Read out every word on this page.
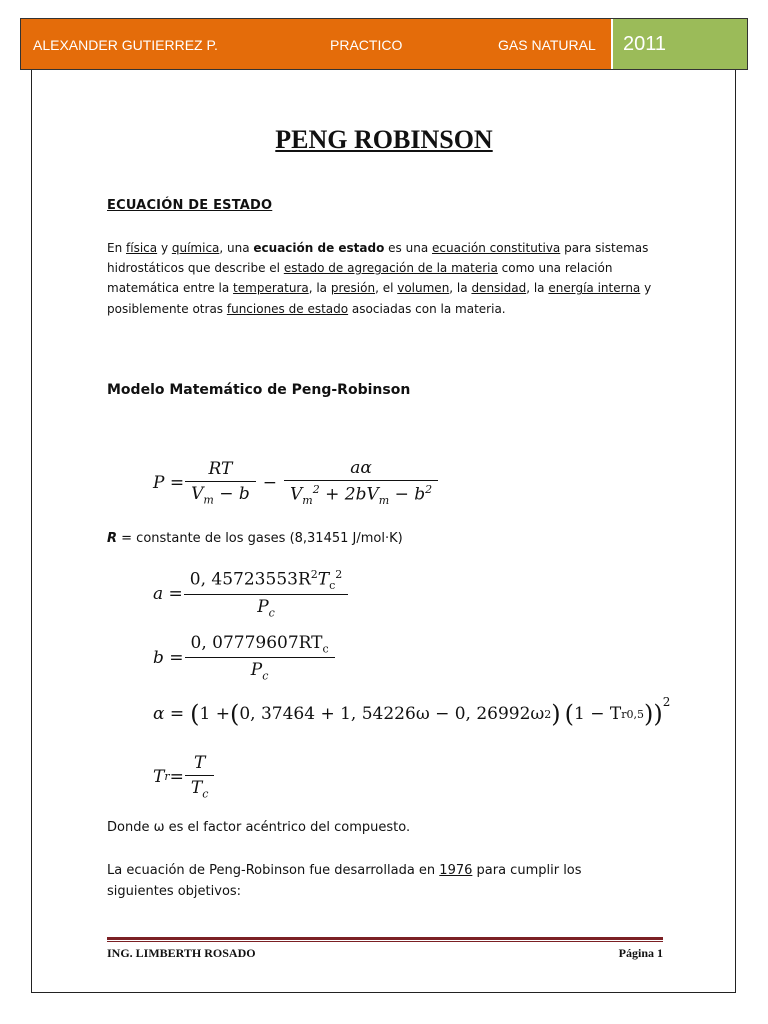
ALEXANDER GUTIERREZ P.	PRACTICO	GAS NATURAL	2011
PENG ROBINSON
ECUACIÓN DE ESTADO
En física y química, una ecuación de estado es una ecuación constitutiva para sistemas hidrostáticos que describe el estado de agregación de la materia como una relación matemática entre la temperatura, la presión, el volumen, la densidad, la energía interna y posiblemente otras funciones de estado asociadas con la materia.
Modelo Matemático de Peng-Robinson
$P = \frac{RT}{V_m - b} - \frac{a\alpha}{V_m^2 + 2bV_m - b^2}$
R = constante de los gases (8,31451 J/mol·K)
$a = \frac{0, 45723553R^2T_c^2}{P_c}$
$b = \frac{0, 07779607RT_c}{P_c}$
α = ( 1 + ( 0, 37464 + 1, 54226ω − 0, 26992ω 2 ) ( 1 − T r 0,5 ))$^2$
T $r = \frac{T}{T_c}$
Donde ω es el factor acéntrico del compuesto.
La ecuación de Peng-Robinson fue desarrollada en 1976 para cumplir los siguientes objetivos:
ING. LIMBERTH ROSADO	Página 1
